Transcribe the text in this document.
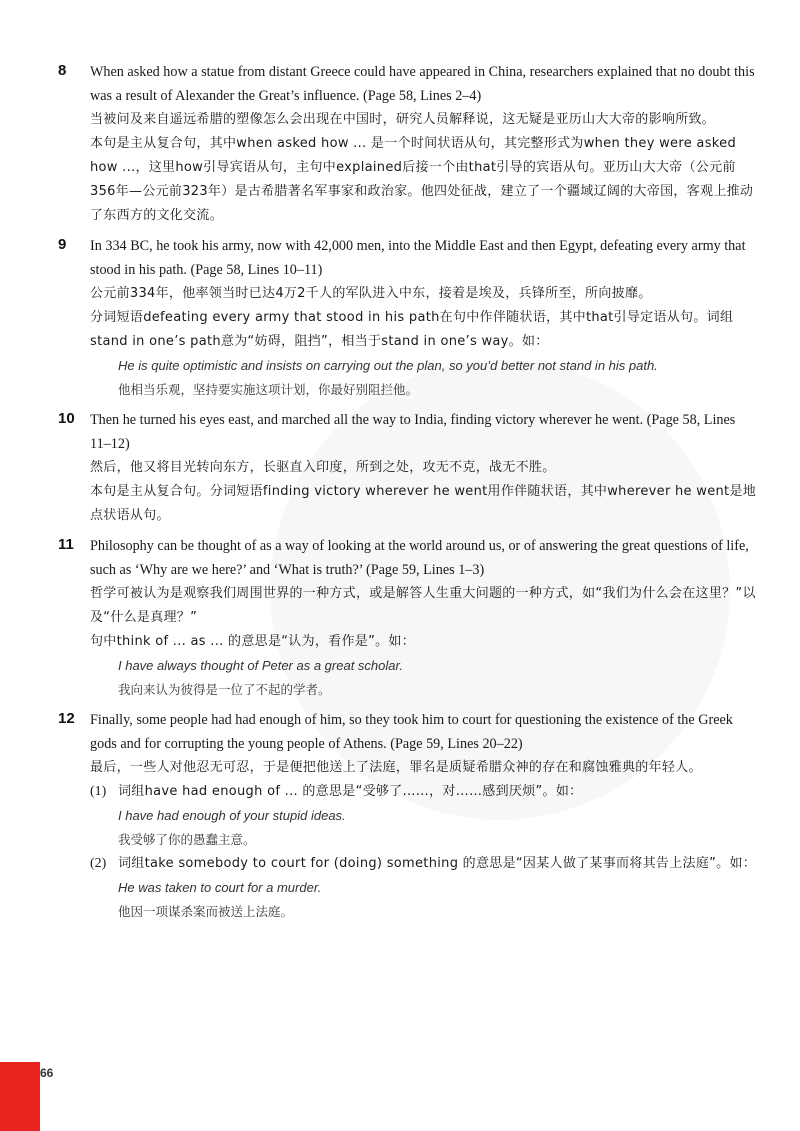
8	When asked how a statue from distant Greece could have appeared in China, researchers explained that no doubt this was a result of Alexander the Great’s influence. (Page 58, Lines 2–4)
当被问及来自遥远希腊的塑像怎么会出现在中国时，研究人员解释说，这无疑是亚历山大大帝的影响所致。
本句是主从复合句，其中when asked how ... 是一个时间状语从句，其完整形式为when they were asked how ...，这里how引导宾语从句，主句中explained后接一个由that引导的宾语从句。亚历山大大帝（公元前356年—公元前323年）是古希腊著名军事家和政治家。他四处征战，建立了一个疆域辽阔的大帝国，客观上推动了东西方的文化交流。
9	In 334 BC, he took his army, now with 42,000 men, into the Middle East and then Egypt, defeating every army that stood in his path. (Page 58, Lines 10–11)
公元前334年，他率领当时已达4万2千人的军队进入中东，接着是埃及，兵锋所至，所向披靡。
分词短语defeating every army that stood in his path在句中作伴随状语，其中that引导定语从句。词组stand in one’s path意为“妨碍，阻挡”，相当于stand in one’s way。如：
He is quite optimistic and insists on carrying out the plan, so you’d better not stand in his path.
他相当乐观，坚持要实施这项计划，你最好别阻拦他。
10	Then he turned his eyes east, and marched all the way to India, finding victory wherever he went. (Page 58, Lines 11–12)
然后，他又将目光转向东方，长驱直入印度，所到之处，攻无不克，战无不胜。
本句是主从复合句。分词短语finding victory wherever he went用作伴随状语，其中wherever he went是地点状语从句。
11	Philosophy can be thought of as a way of looking at the world around us, or of answering the great questions of life, such as ‘Why are we here?’ and ‘What is truth?’ (Page 59, Lines 1–3)
哲学可被认为是观察我们周围世界的一种方式，或是解答人生重大问题的一种方式，如“我们为什么会在这里？”以及“什么是真理？”
句中think of ... as ... 的意思是“认为，看作是”。如：
I have always thought of Peter as a great scholar.
我向来认为彼得是一位了不起的学者。
12	Finally, some people had had enough of him, so they took him to court for questioning the existence of the Greek gods and for corrupting the young people of Athens. (Page 59, Lines 20–22)
最后，一些人对他忍无可忍，于是便把他送上了法庭，罪名是质疑希腊众神的存在和腐蚀雅典的年轻人。
(1) 词组have had enough of ... 的意思是“受够了……，对……感到厌烦”。如：
I have had enough of your stupid ideas.
我受够了你的愚蠢主意。
(2) 词组take somebody to court for (doing) something 的意思是“因某人做了某事而将其告上法庭”。如：
He was taken to court for a murder.
他因一项谋杀案而被送上法庭。
66
